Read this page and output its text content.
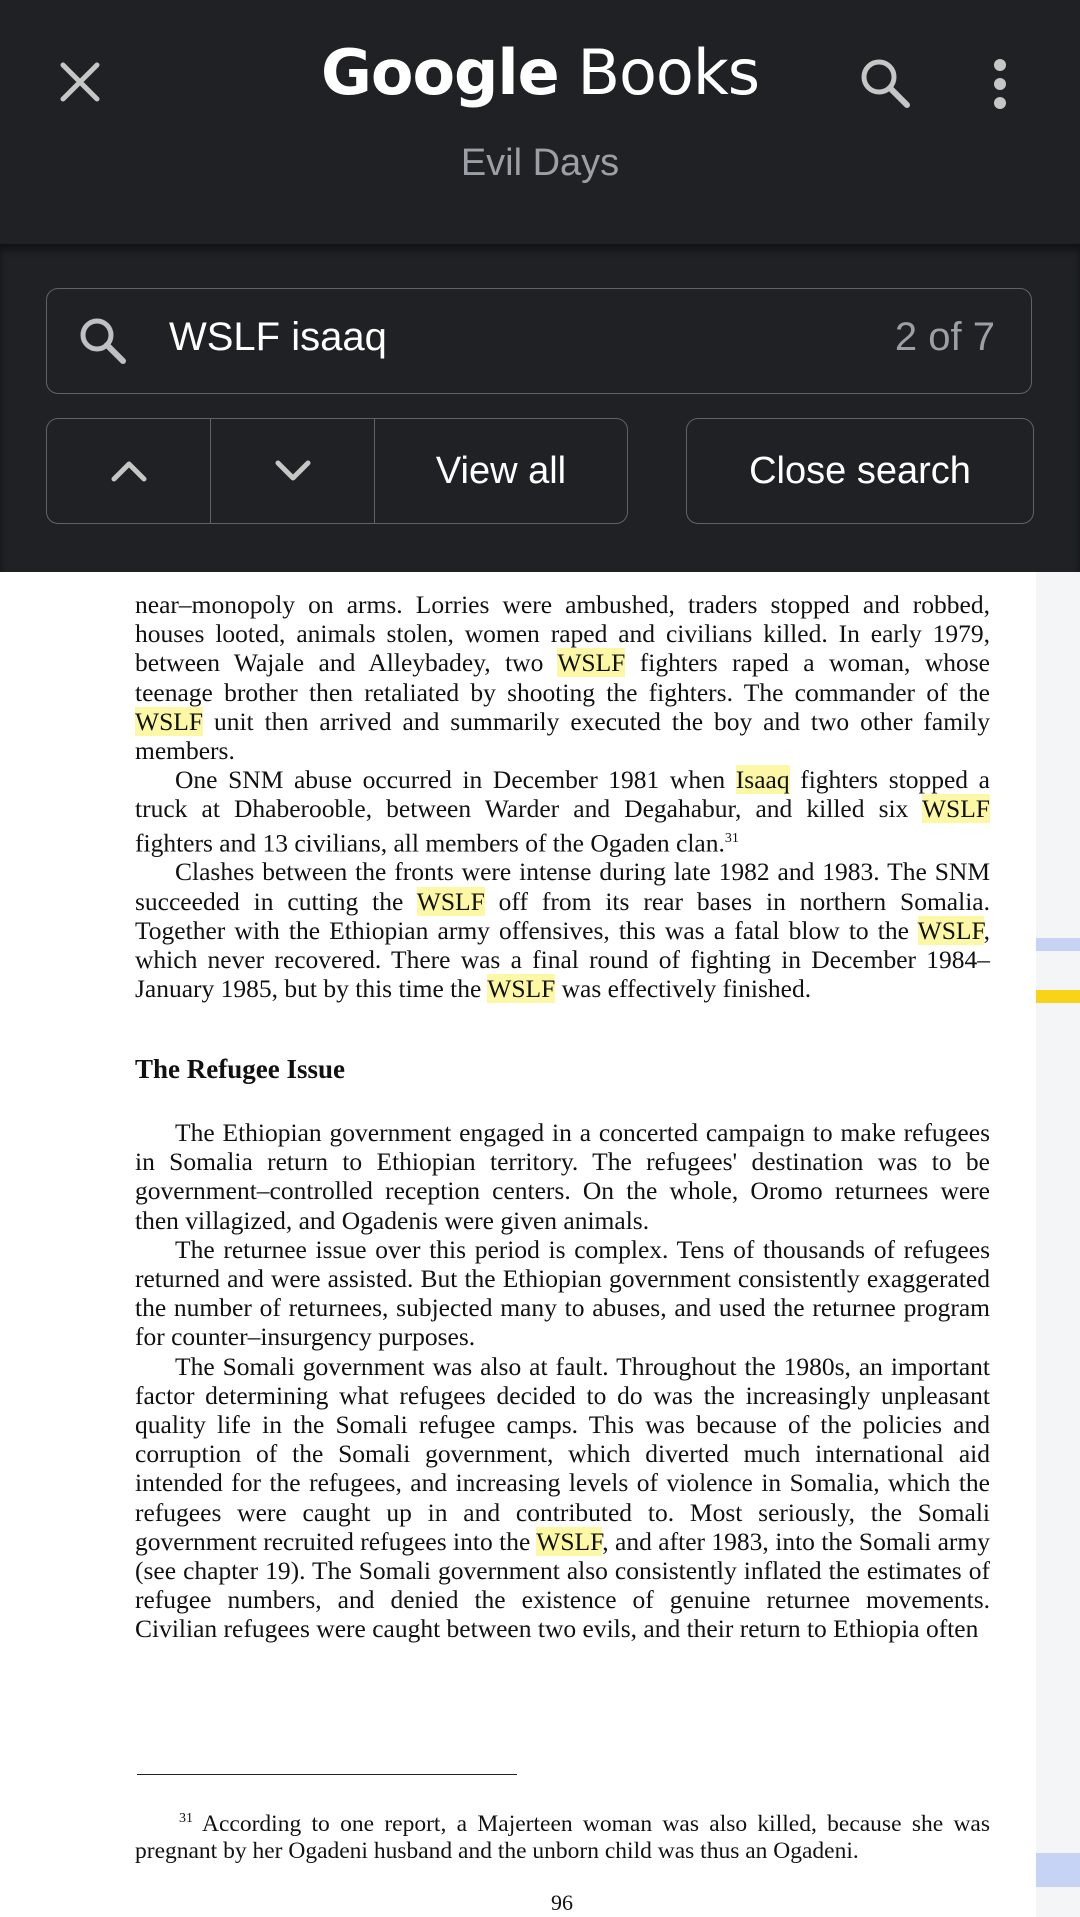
Google Books
Evil Days
WSLF isaaq	2 of 7
View all	Close search

near–monopoly on arms. Lorries were ambushed, traders stopped and robbed, houses looted, animals stolen, women raped and civilians killed. In early 1979, between Wajale and Alleybadey, two WSLF fighters raped a woman, whose teenage brother then retaliated by shooting the fighters. The commander of the WSLF unit then arrived and summarily executed the boy and two other family members.

One SNM abuse occurred in December 1981 when Isaaq fighters stopped a truck at Dhaberooble, between Warder and Degahabur, and killed six WSLF fighters and 13 civilians, all members of the Ogaden clan.$^{31}$

Clashes between the fronts were intense during late 1982 and 1983. The SNM succeeded in cutting the WSLF off from its rear bases in northern Somalia. Together with the Ethiopian army offensives, this was a fatal blow to the WSLF, which never recovered. There was a final round of fighting in December 1984–January 1985, but by this time the WSLF was effectively finished.

The Refugee Issue

The Ethiopian government engaged in a concerted campaign to make refugees in Somalia return to Ethiopian territory. The refugees' destination was to be government–controlled reception centers. On the whole, Oromo returnees were then villagized, and Ogadenis were given animals.

The returnee issue over this period is complex. Tens of thousands of refugees returned and were assisted. But the Ethiopian government consistently exaggerated the number of returnees, subjected many to abuses, and used the returnee program for counter–insurgency purposes.

The Somali government was also at fault. Throughout the 1980s, an important factor determining what refugees decided to do was the increasingly unpleasant quality life in the Somali refugee camps. This was because of the policies and corruption of the Somali government, which diverted much international aid intended for the refugees, and increasing levels of violence in Somalia, which the refugees were caught up in and contributed to. Most seriously, the Somali government recruited refugees into the WSLF, and after 1983, into the Somali army (see chapter 19). The Somali government also consistently inflated the estimates of refugee numbers, and denied the existence of genuine returnee movements. Civilian refugees were caught between two evils, and their return to Ethiopia often

$^{31}$ According to one report, a Majerteen woman was also killed, because she was pregnant by her Ogadeni husband and the unborn child was thus an Ogadeni.
96
